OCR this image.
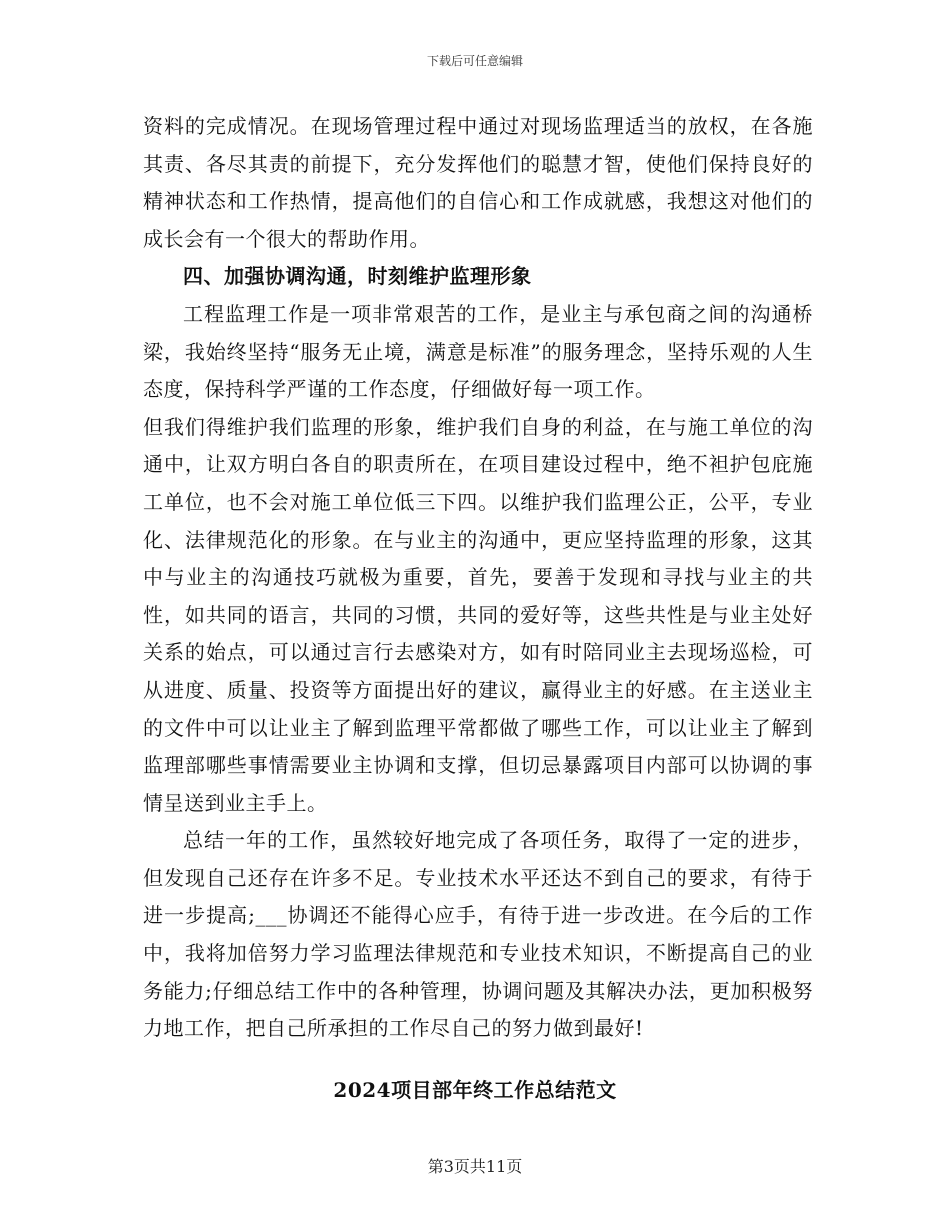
下载后可任意编辑

资料的完成情况。在现场管理过程中通过对现场监理适当的放权，在各施其责、各尽其责的前提下，充分发挥他们的聪慧才智，使他们保持良好的精神状态和工作热情，提高他们的自信心和工作成就感，我想这对他们的成长会有一个很大的帮助作用。

四、加强协调沟通，时刻维护监理形象

工程监理工作是一项非常艰苦的工作，是业主与承包商之间的沟通桥梁，我始终坚持“服务无止境，满意是标准”的服务理念，坚持乐观的人生态度，保持科学严谨的工作态度，仔细做好每一项工作。

但我们得维护我们监理的形象，维护我们自身的利益，在与施工单位的沟通中，让双方明白各自的职责所在，在项目建设过程中，绝不袒护包庇施工单位，也不会对施工单位低三下四。以维护我们监理公正，公平，专业化、法律规范化的形象。在与业主的沟通中，更应坚持监理的形象，这其中与业主的沟通技巧就极为重要，首先，要善于发现和寻找与业主的共性，如共同的语言，共同的习惯，共同的爱好等，这些共性是与业主处好关系的始点，可以通过言行去感染对方，如有时陪同业主去现场巡检，可从进度、质量、投资等方面提出好的建议，赢得业主的好感。在主送业主的文件中可以让业主了解到监理平常都做了哪些工作，可以让业主了解到监理部哪些事情需要业主协调和支撑，但切忌暴露项目内部可以协调的事情呈送到业主手上。

总结一年的工作，虽然较好地完成了各项任务，取得了一定的进步，但发现自己还存在许多不足。专业技术水平还达不到自己的要求，有待于进一步提高;___协调还不能得心应手，有待于进一步改进。在今后的工作中，我将加倍努力学习监理法律规范和专业技术知识，不断提高自己的业务能力;仔细总结工作中的各种管理，协调问题及其解决办法，更加积极努力地工作，把自己所承担的工作尽自己的努力做到最好!

2024项目部年终工作总结范文
第3页共11页
